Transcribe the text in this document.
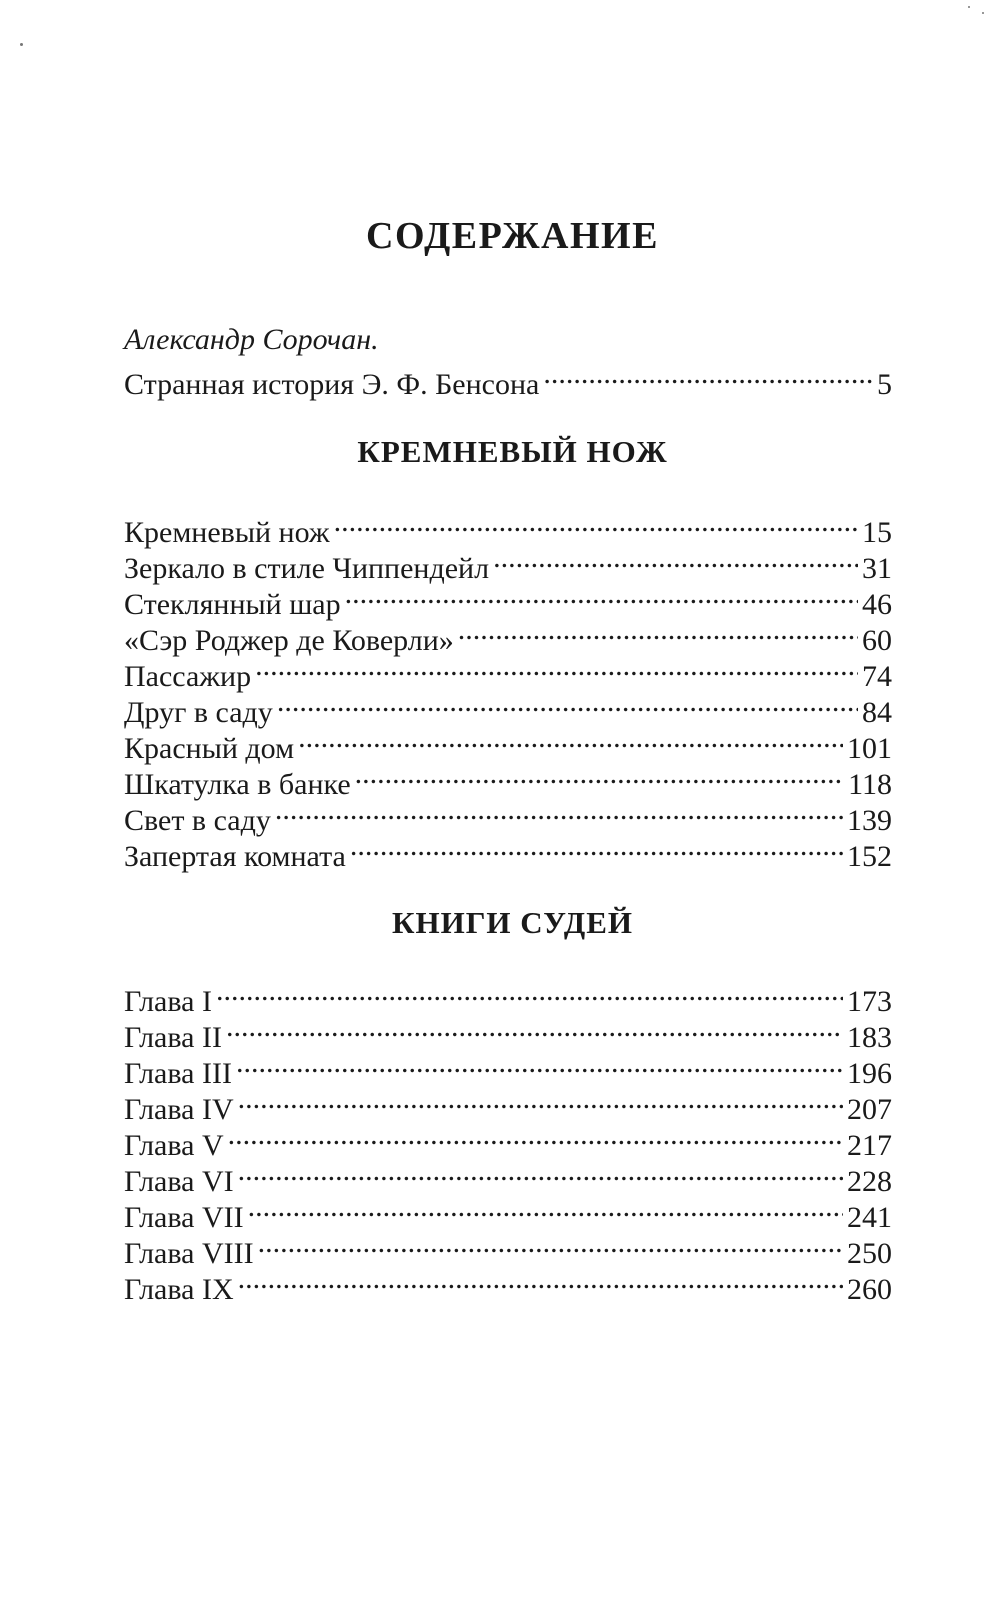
СОДЕРЖАНИЕ
Александр Сорочан.
Странная история Э. Ф. Бенсона .....	5
КРЕМНЕВЫЙ НОЖ
Кремневый нож .....	15
Зеркало в стиле Чиппендейл .....	31
Стеклянный шар .....	46
«Сэр Роджер де Коверли» .....	60
Пассажир .....	74
Друг в саду .....	84
Красный дом .....	101
Шкатулка в банке .....	118
Свет в саду .....	139
Запертая комната .....	152
КНИГИ СУДЕЙ
Глава I .....	173
Глава II .....	183
Глава III .....	196
Глава IV .....	207
Глава V .....	217
Глава VI .....	228
Глава VII .....	241
Глава VIII .....	250
Глава IX .....	260
